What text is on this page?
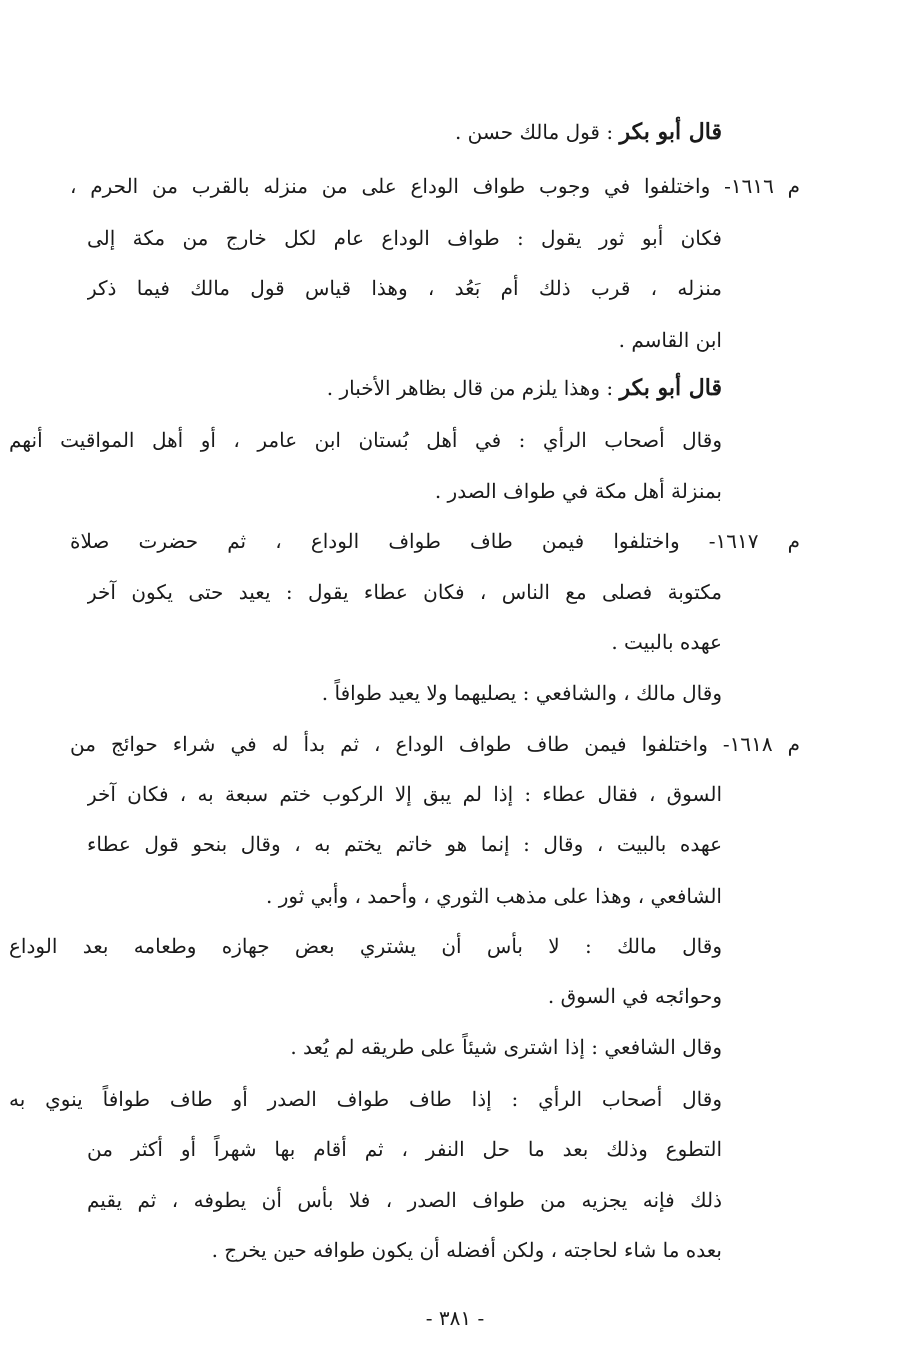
قال أبو بكر : قول مالك حسن .
م ١٦١٦- واختلفوا في وجوب طواف الوداع على من منزله بالقرب من الحرم ،
فكان أبو ثور يقول : طواف الوداع عام لكل خارج من مكة إلى
منزله ، قرب ذلك أم بَعُد ، وهذا قياس قول مالك فيما ذكر
ابن القاسم .
قال أبو بكر : وهذا يلزم من قال بظاهر الأخبار .
وقال أصحاب الرأي : في أهل بُستان ابن عامر ، أو أهل المواقيت أنهم
بمنزلة أهل مكة في طواف الصدر .
م ١٦١٧- واختلفوا فيمن طاف طواف الوداع ، ثم حضرت صلاة
مكتوبة فصلى مع الناس ، فكان عطاء يقول : يعيد حتى يكون آخر
عهده بالبيت .
وقال مالك ، والشافعي : يصليهما ولا يعيد طوافاً .
م ١٦١٨- واختلفوا فيمن طاف طواف الوداع ، ثم بدأ له في شراء حوائج من
السوق ، فقال عطاء : إذا لم يبق إلا الركوب ختم سبعة به ، فكان آخر
عهده بالبيت ، وقال : إنما هو خاتم يختم به ، وقال بنحو قول عطاء
الشافعي ، وهذا على مذهب الثوري ، وأحمد ، وأبي ثور .
وقال مالك : لا بأس أن يشتري بعض جهازه وطعامه بعد الوداع
وحوائجه في السوق .
وقال الشافعي : إذا اشترى شيئاً على طريقه لم يُعد .
وقال أصحاب الرأي : إذا طاف طواف الصدر أو طاف طوافاً ينوي به
التطوع وذلك بعد ما حل النفر ، ثم أقام بها شهراً أو أكثر من
ذلك فإنه يجزيه من طواف الصدر ، فلا بأس أن يطوفه ، ثم يقيم
بعده ما شاء لحاجته ، ولكن أفضله أن يكون طوافه حين يخرج .
- ٣٨١ -
